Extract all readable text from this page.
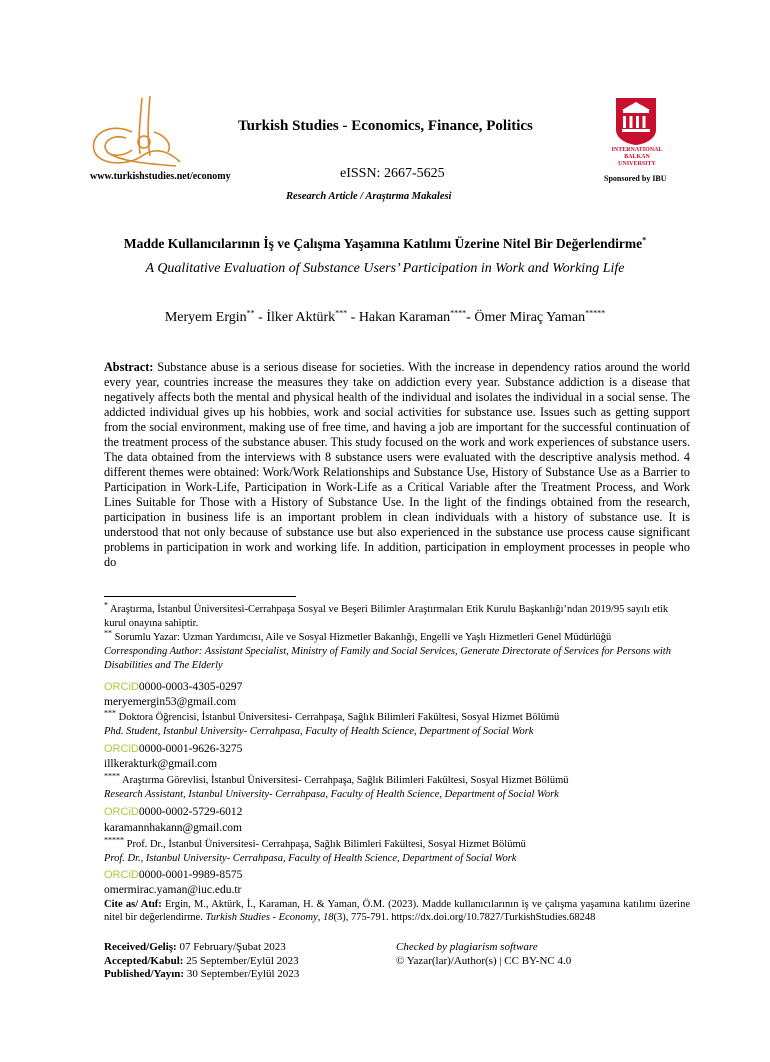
www.turkishstudies.net/economy
Turkish Studies - Economics, Finance, Politics
eISSN: 2667-5625
Research Article / Araştırma Makalesi
INTERNATIONAL
BALKAN
UNIVERSITY
Sponsored by IBU
Madde Kullanıcılarının İş ve Çalışma Yaşamına Katılımı Üzerine Nitel Bir Değerlendirme*
A Qualitative Evaluation of Substance Users’ Participation in Work and Working Life
Meryem Ergin** - İlker Aktürk*** - Hakan Karaman****- Ömer Miraç Yaman*****
Abstract: Substance abuse is a serious disease for societies. With the increase in dependency ratios around the world every year, countries increase the measures they take on addiction every year. Substance addiction is a disease that negatively affects both the mental and physical health of the individual and isolates the individual in a social sense. The addicted individual gives up his hobbies, work and social activities for substance use. Issues such as getting support from the social environment, making use of free time, and having a job are important for the successful continuation of the treatment process of the substance abuser. This study focused on the work and work experiences of substance users. The data obtained from the interviews with 8 substance users were evaluated with the descriptive analysis method. 4 different themes were obtained: Work/Work Relationships and Substance Use, History of Substance Use as a Barrier to Participation in Work-Life, Participation in Work-Life as a Critical Variable after the Treatment Process, and Work Lines Suitable for Those with a History of Substance Use. In the light of the findings obtained from the research, participation in business life is an important problem in clean individuals with a history of substance use. It is understood that not only because of substance use but also experienced in the substance use process cause significant problems in participation in work and working life. In addition, participation in employment processes in people who do
* Araştırma, İstanbul Üniversitesi-Cerrahpaşa Sosyal ve Beşeri Bilimler Araştırmaları Etik Kurulu Başkanlığı’ndan 2019/95 sayılı etik kurul onayına sahiptir.
** Sorumlu Yazar: Uzman Yardımcısı, Aile ve Sosyal Hizmetler Bakanlığı, Engelli ve Yaşlı Hizmetleri Genel Müdürlüğü
Corresponding Author: Assistant Specialist, Ministry of Family and Social Services, Generate Directorate of Services for Persons with Disabilities and The Elderly
ORCiD0000-0003-4305-0297
meryemergin53@gmail.com
*** Doktora Öğrencisi, İstanbul Üniversitesi- Cerrahpaşa, Sağlık Bilimleri Fakültesi, Sosyal Hizmet Bölümü
Phd. Student, Istanbul University- Cerrahpasa, Faculty of Health Science, Department of Social Work
ORCiD0000-0001-9626-3275
illkerakturk@gmail.com
**** Araştırma Görevlisi, İstanbul Üniversitesi- Cerrahpaşa, Sağlık Bilimleri Fakültesi, Sosyal Hizmet Bölümü
Research Assistant, Istanbul University- Cerrahpasa, Faculty of Health Science, Department of Social Work
ORCiD0000-0002-5729-6012
karamannhakann@gmail.com
***** Prof. Dr., İstanbul Üniversitesi- Cerrahpaşa, Sağlık Bilimleri Fakültesi, Sosyal Hizmet Bölümü
Prof. Dr., Istanbul University- Cerrahpasa, Faculty of Health Science, Department of Social Work
ORCiD0000-0001-9989-8575
omermirac.yaman@iuc.edu.tr
Cite as/ Atıf: Ergin, M., Aktürk, İ., Karaman, H. & Yaman, Ö.M. (2023). Madde kullanıcılarının iş ve çalışma yaşamına katılımı üzerine nitel bir değerlendirme. Turkish Studies - Economy, 18(3), 775-791. https://dx.doi.org/10.7827/TurkishStudies.68248
Received/Geliş: 07 February/Şubat 2023
Accepted/Kabul: 25 September/Eylül 2023
Published/Yayın: 30 September/Eylül 2023
Checked by plagiarism software
© Yazar(lar)/Author(s) | CC BY-NC 4.0
